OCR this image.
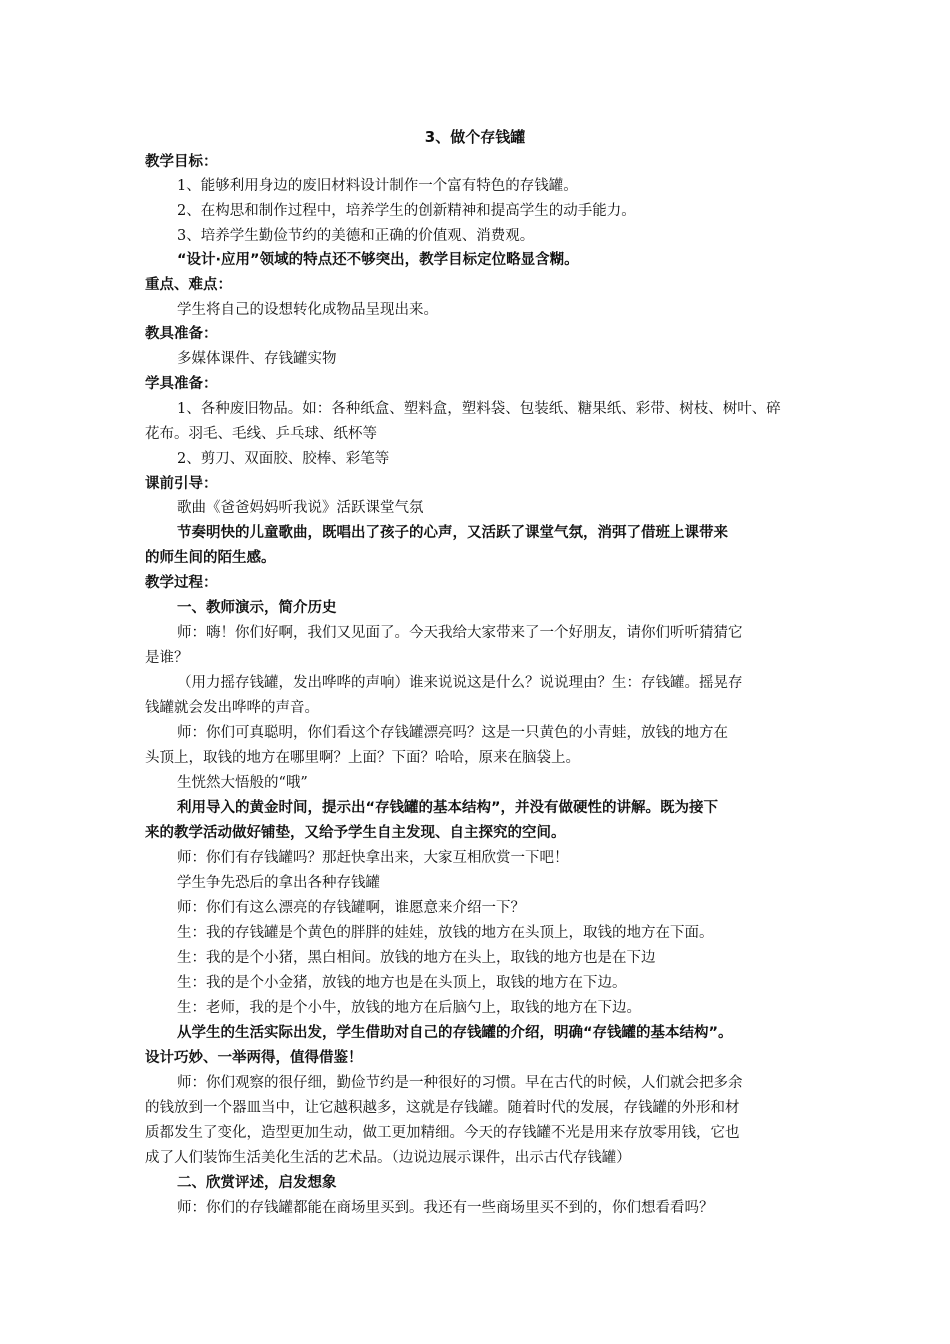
3、做个存钱罐
教学目标：
1、能够利用身边的废旧材料设计制作一个富有特色的存钱罐。
2、在构思和制作过程中，培养学生的创新精神和提高学生的动手能力。
3、培养学生勤俭节约的美德和正确的价值观、消费观。
“设计·应用”领域的特点还不够突出，教学目标定位略显含糊。
重点、难点：
学生将自己的设想转化成物品呈现出来。
教具准备：
多媒体课件、存钱罐实物
学具准备：
1、各种废旧物品。如：各种纸盒、塑料盒，塑料袋、包装纸、糖果纸、彩带、树枝、树叶、碎
花布。羽毛、毛线、乒乓球、纸杯等
2、剪刀、双面胶、胶棒、彩笔等
课前引导：
歌曲《爸爸妈妈听我说》活跃课堂气氛
节奏明快的儿童歌曲，既唱出了孩子的心声，又活跃了课堂气氛，消弭了借班上课带来
的师生间的陌生感。
教学过程：
一、教师演示，简介历史
师：嗨！你们好啊，我们又见面了。今天我给大家带来了一个好朋友，请你们听听猜猜它
是谁？
（用力摇存钱罐，发出哗哗的声响）谁来说说这是什么？说说理由？生：存钱罐。摇晃存
钱罐就会发出哗哗的声音。
师：你们可真聪明，你们看这个存钱罐漂亮吗？这是一只黄色的小青蛙，放钱的地方在
头顶上，取钱的地方在哪里啊？上面？下面？哈哈，原来在脑袋上。
生恍然大悟般的“哦”
利用导入的黄金时间，提示出“存钱罐的基本结构”，并没有做硬性的讲解。既为接下
来的教学活动做好铺垫，又给予学生自主发现、自主探究的空间。
师：你们有存钱罐吗？那赶快拿出来，大家互相欣赏一下吧！
学生争先恐后的拿出各种存钱罐
师：你们有这么漂亮的存钱罐啊，谁愿意来介绍一下？
生：我的存钱罐是个黄色的胖胖的娃娃，放钱的地方在头顶上，取钱的地方在下面。
生：我的是个小猪，黑白相间。放钱的地方在头上，取钱的地方也是在下边
生：我的是个小金猪，放钱的地方也是在头顶上，取钱的地方在下边。
生：老师，我的是个小牛，放钱的地方在后脑勺上，取钱的地方在下边。
从学生的生活实际出发，学生借助对自己的存钱罐的介绍，明确“存钱罐的基本结构”。
设计巧妙、一举两得，值得借鉴！
师：你们观察的很仔细，勤俭节约是一种很好的习惯。早在古代的时候，人们就会把多余
的钱放到一个器皿当中，让它越积越多，这就是存钱罐。随着时代的发展，存钱罐的外形和材
质都发生了变化，造型更加生动，做工更加精细。今天的存钱罐不光是用来存放零用钱，它也
成了人们装饰生活美化生活的艺术品。（边说边展示课件，出示古代存钱罐）
二、欣赏评述，启发想象
师：你们的存钱罐都能在商场里买到。我还有一些商场里买不到的，你们想看看吗？
